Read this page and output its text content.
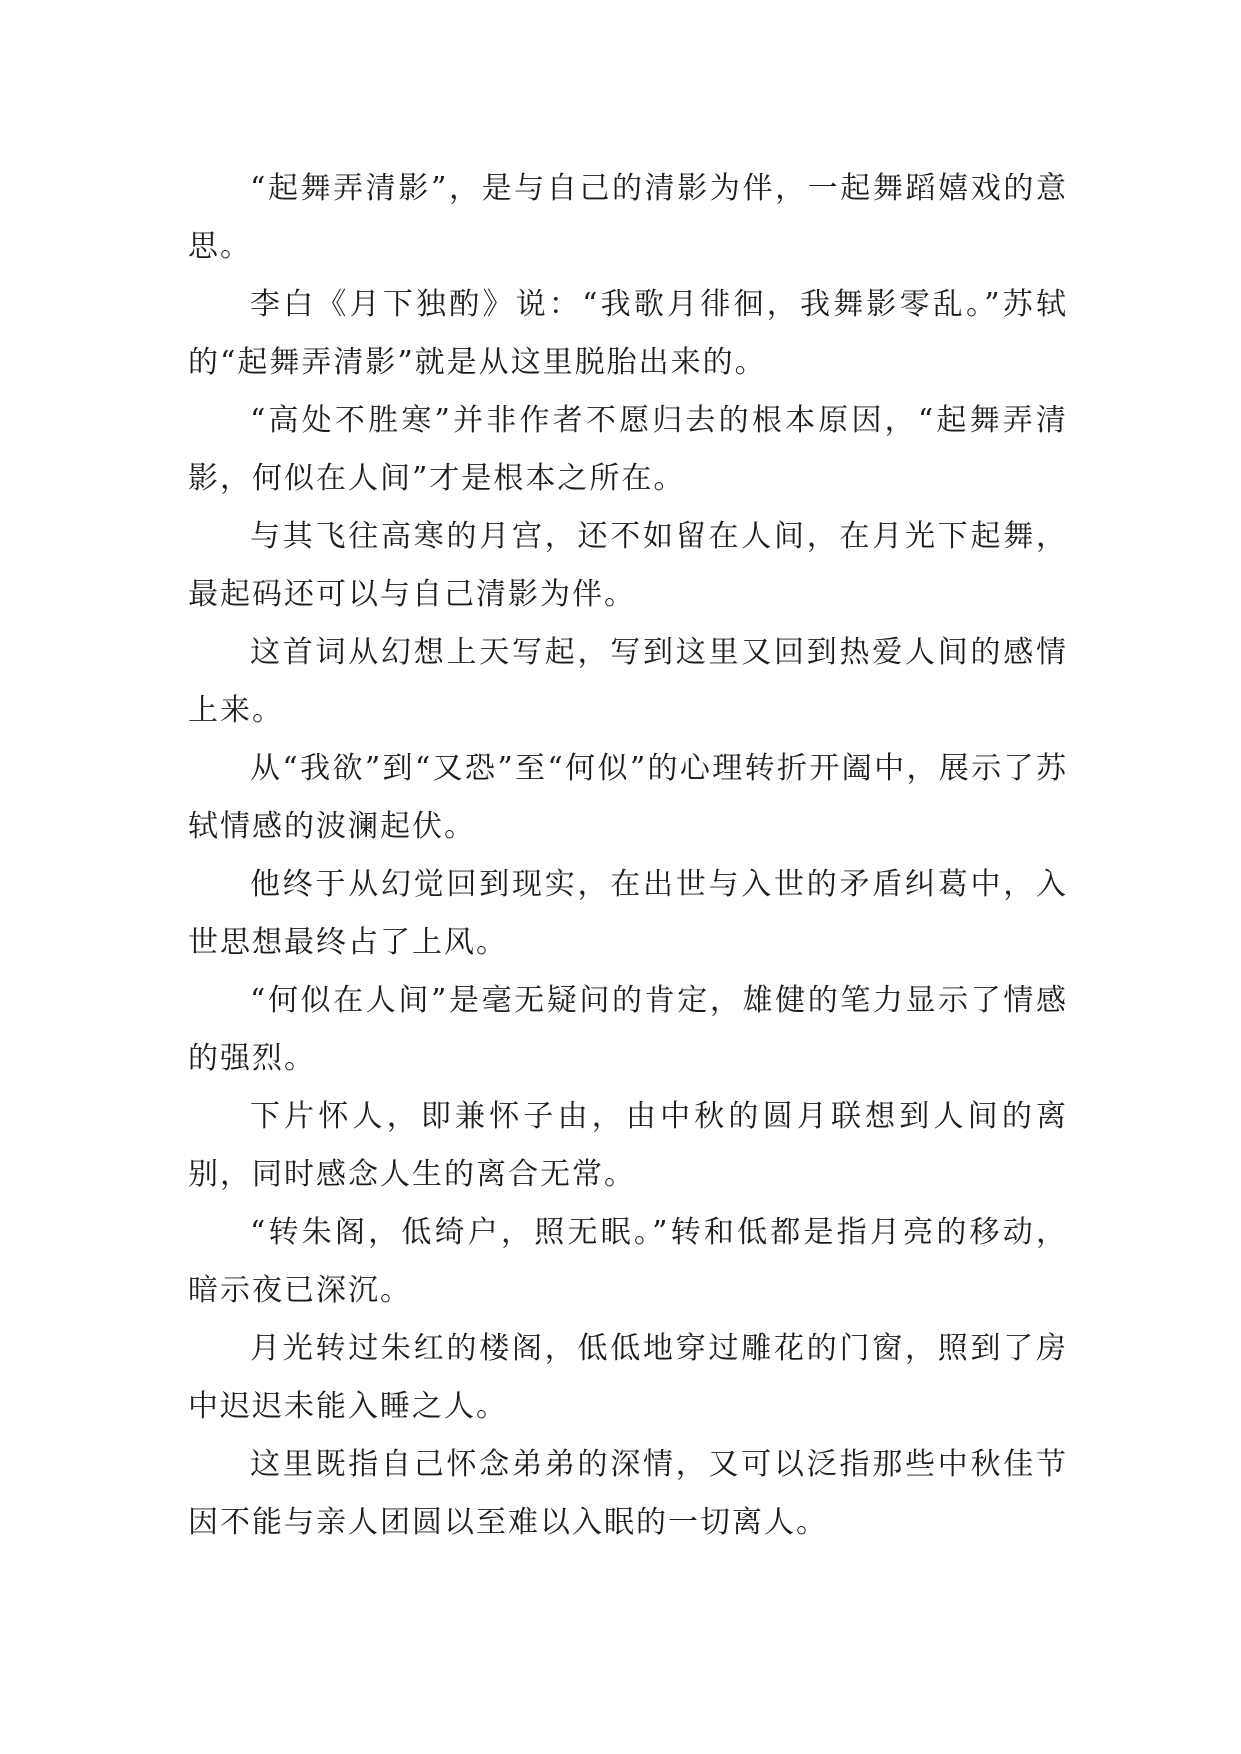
“起舞弄清影”，是与自己的清影为伴，一起舞蹈嬉戏的意思。

李白《月下独酌》说：“我歌月徘徊，我舞影零乱。”苏轼的“起舞弄清影”就是从这里脱胎出来的。

“高处不胜寒”并非作者不愿归去的根本原因，“起舞弄清影，何似在人间”才是根本之所在。

与其飞往高寒的月宫，还不如留在人间，在月光下起舞，最起码还可以与自己清影为伴。

这首词从幻想上天写起，写到这里又回到热爱人间的感情上来。

从“我欲”到“又恐”至“何似”的心理转折开阖中，展示了苏轼情感的波澜起伏。

他终于从幻觉回到现实，在出世与入世的矛盾纠葛中，入世思想最终占了上风。

“何似在人间”是毫无疑问的肯定，雄健的笔力显示了情感的强烈。

下片怀人，即兼怀子由，由中秋的圆月联想到人间的离别，同时感念人生的离合无常。

“转朱阁，低绮户，照无眠。”转和低都是指月亮的移动，暗示夜已深沉。

月光转过朱红的楼阁，低低地穿过雕花的门窗，照到了房中迟迟未能入睡之人。

这里既指自己怀念弟弟的深情，又可以泛指那些中秋佳节因不能与亲人团圆以至难以入眠的一切离人。
